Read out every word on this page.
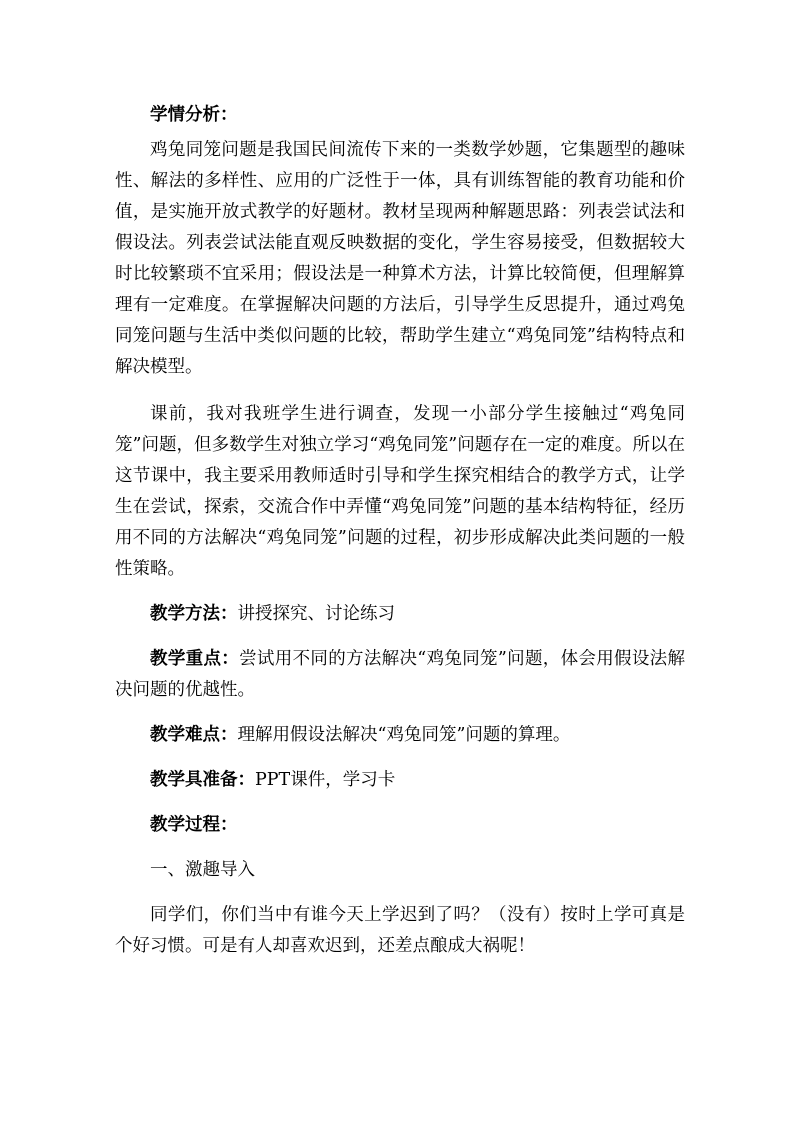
学情分析：

鸡兔同笼问题是我国民间流传下来的一类数学妙题，它集题型的趣味性、解法的多样性、应用的广泛性于一体，具有训练智能的教育功能和价值，是实施开放式教学的好题材。教材呈现两种解题思路：列表尝试法和假设法。列表尝试法能直观反映数据的变化，学生容易接受，但数据较大时比较繁琐不宜采用；假设法是一种算术方法，计算比较简便，但理解算理有一定难度。在掌握解决问题的方法后，引导学生反思提升，通过鸡兔同笼问题与生活中类似问题的比较，帮助学生建立“鸡兔同笼”结构特点和解决模型。

课前，我对我班学生进行调查，发现一小部分学生接触过“鸡兔同笼”问题，但多数学生对独立学习“鸡兔同笼”问题存在一定的难度。所以在这节课中，我主要采用教师适时引导和学生探究相结合的教学方式，让学生在尝试，探索，交流合作中弄懂“鸡兔同笼”问题的基本结构特征，经历用不同的方法解决“鸡兔同笼”问题的过程，初步形成解决此类问题的一般性策略。

教学方法：讲授探究、讨论练习

教学重点：尝试用不同的方法解决“鸡兔同笼”问题，体会用假设法解决问题的优越性。

教学难点：理解用假设法解决“鸡兔同笼”问题的算理。

教学具准备：PPT课件，学习卡

教学过程：

一、激趣导入

同学们，你们当中有谁今天上学迟到了吗？（没有）按时上学可真是个好习惯。可是有人却喜欢迟到，还差点酿成大祸呢！
